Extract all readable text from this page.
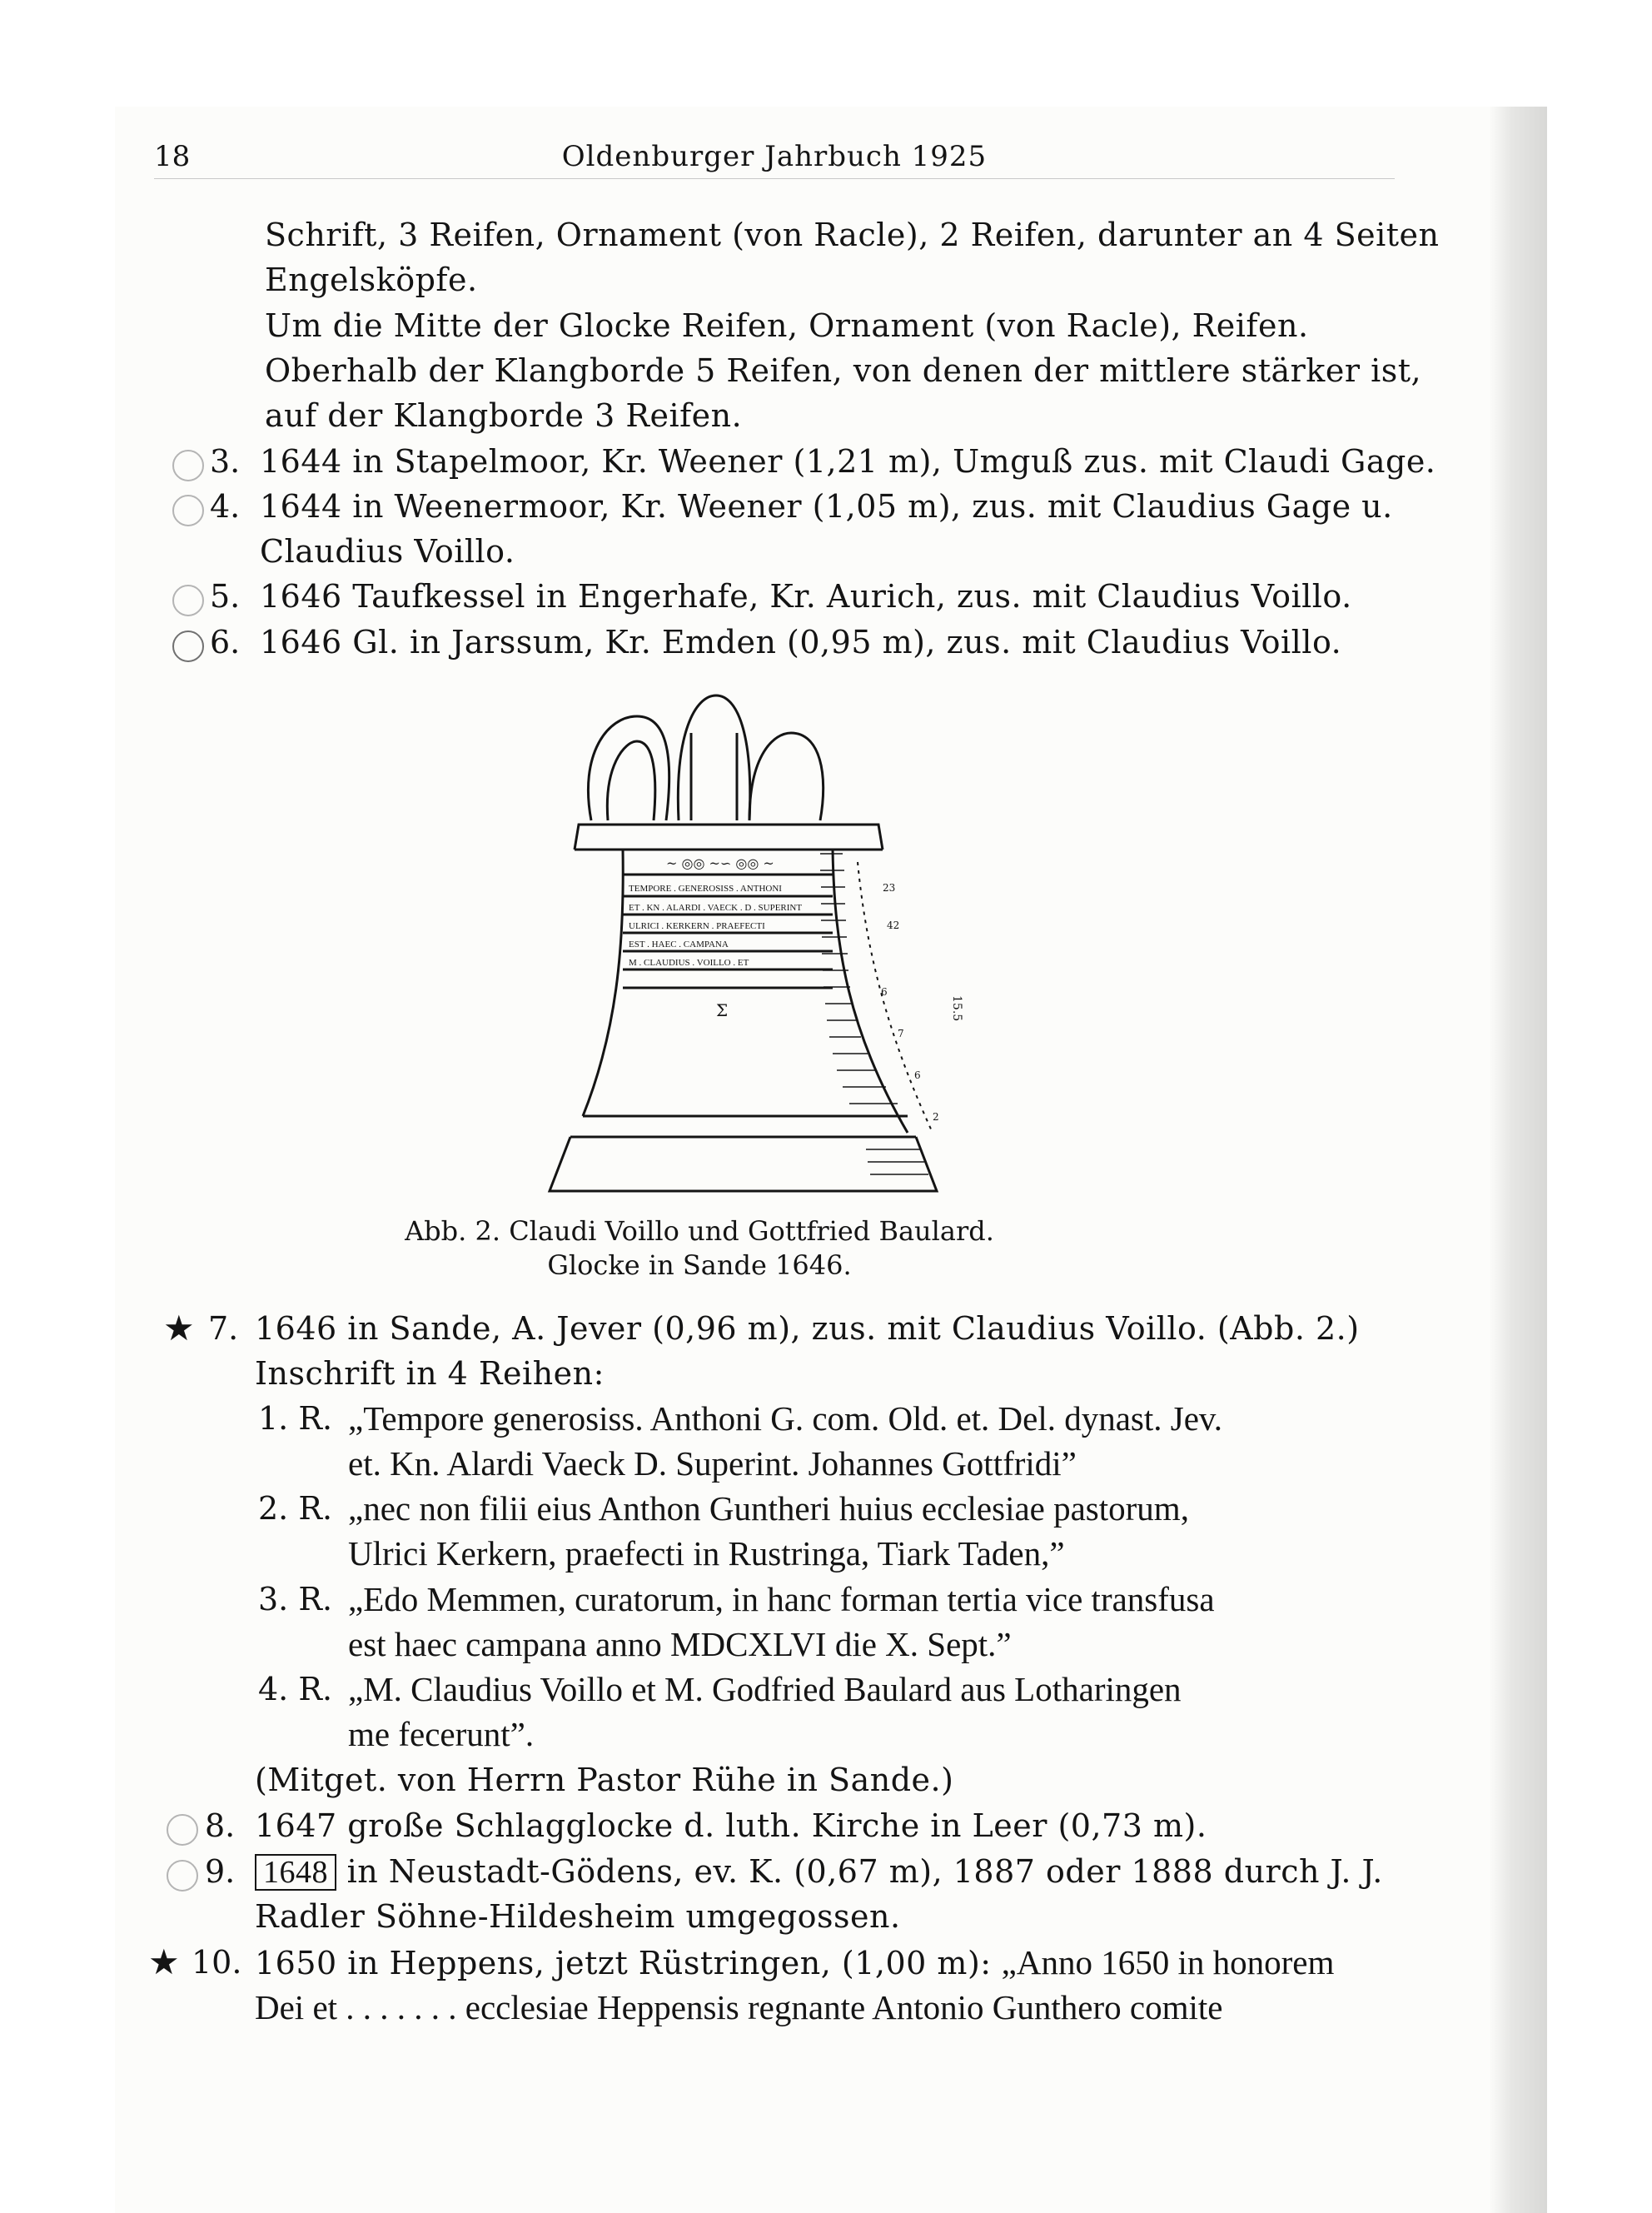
18	Oldenburger Jahrbuch 1925
Schrift, 3 Reifen, Ornament (von Racle), 2 Reifen, darunter an 4 Seiten
Engelsköpfe.
Um die Mitte der Glocke Reifen, Ornament (von Racle), Reifen.
Oberhalb der Klangborde 5 Reifen, von denen der mittlere stärker ist,
auf der Klangborde 3 Reifen.
3. 1644 in Stapelmoor, Kr. Weener (1,21 m), Umguß zus. mit Claudi Gage.
4. 1644 in Weenermoor, Kr. Weener (1,05 m), zus. mit Claudius Gage u.
Claudius Voillo.
5. 1646 Taufkessel in Engerhafe, Kr. Aurich, zus. mit Claudius Voillo.
6. 1646 Gl. in Jarssum, Kr. Emden (0,95 m), zus. mit Claudius Voillo.
~ ◎◎ ~∽ ◎◎ ~
TEMPORE . GENEROSISS . ANTHONI
ET . KN . ALARDI . VAECK . D . SUPERINT
ULRICI . KERKERN . PRAEFECTI
EST . HAEC . CAMPANA
M . CLAUDIUS . VOILLO . ET
Σ
23
42
6
7
6
15.5
2
Abb. 2. Claudi Voillo und Gottfried Baulard.
Glocke in Sande 1646.
★ 7. 1646 in Sande, A. Jever (0,96 m), zus. mit Claudius Voillo. (Abb. 2.)
Inschrift in 4 Reihen:
1. R. „Tempore generosiss. Anthoni G. com. Old. et. Del. dynast. Jev.
et. Kn. Alardi Vaeck D. Superint. Johannes Gottfridi”
2. R. „nec non filii eius Anthon Guntheri huius ecclesiae pastorum,
Ulrici Kerkern, praefecti in Rustringa, Tiark Taden,”
3. R. „Edo Memmen, curatorum, in hanc forman tertia vice transfusa
est haec campana anno MDCXLVI die X. Sept.”
4. R. „M. Claudius Voillo et M. Godfried Baulard aus Lotharingen
me fecerunt”.
(Mitget. von Herrn Pastor Rühe in Sande.)
8. 1647 große Schlagglocke d. luth. Kirche in Leer (0,73 m).
9. 1648 in Neustadt-Gödens, ev. K. (0,67 m), 1887 oder 1888 durch J. J.
Radler Söhne-Hildesheim umgegossen.
★ 10. 1650 in Heppens, jetzt Rüstringen, (1,00 m): „Anno 1650 in honorem
Dei et . . . . . . . ecclesiae Heppensis regnante Antonio Gunthero comite
